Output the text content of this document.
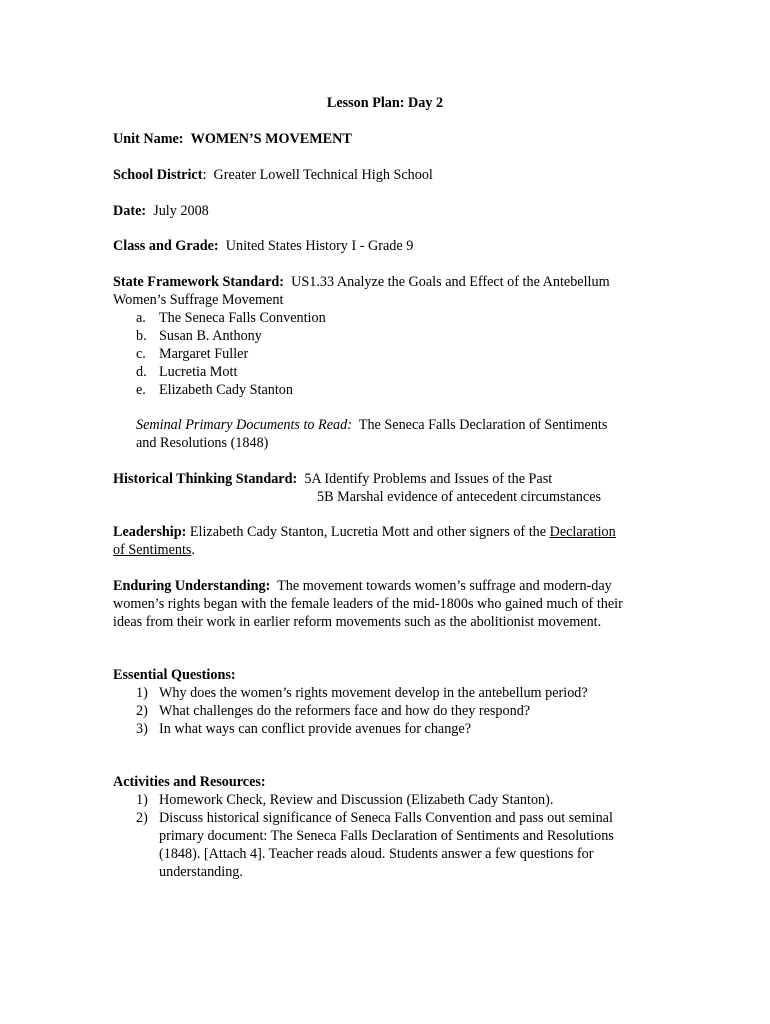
Lesson Plan: Day 2
Unit Name: WOMEN’S MOVEMENT
School District: Greater Lowell Technical High School
Date: July 2008
Class and Grade: United States History I - Grade 9
State Framework Standard: US1.33 Analyze the Goals and Effect of the Antebellum
Women’s Suffrage Movement
a. The Seneca Falls Convention
b. Susan B. Anthony
c. Margaret Fuller
d. Lucretia Mott
e. Elizabeth Cady Stanton
Seminal Primary Documents to Read: The Seneca Falls Declaration of Sentiments
and Resolutions (1848)
Historical Thinking Standard: 5A Identify Problems and Issues of the Past
5B Marshal evidence of antecedent circumstances
Leadership: Elizabeth Cady Stanton, Lucretia Mott and other signers of the Declaration
of Sentiments.
Enduring Understanding: The movement towards women’s suffrage and modern-day
women’s rights began with the female leaders of the mid-1800s who gained much of their
ideas from their work in earlier reform movements such as the abolitionist movement.
Essential Questions:
1) Why does the women’s rights movement develop in the antebellum period?
2) What challenges do the reformers face and how do they respond?
3) In what ways can conflict provide avenues for change?
Activities and Resources:
1) Homework Check, Review and Discussion (Elizabeth Cady Stanton).
2) Discuss historical significance of Seneca Falls Convention and pass out seminal
primary document: The Seneca Falls Declaration of Sentiments and Resolutions
(1848). [Attach 4]. Teacher reads aloud. Students answer a few questions for
understanding.
